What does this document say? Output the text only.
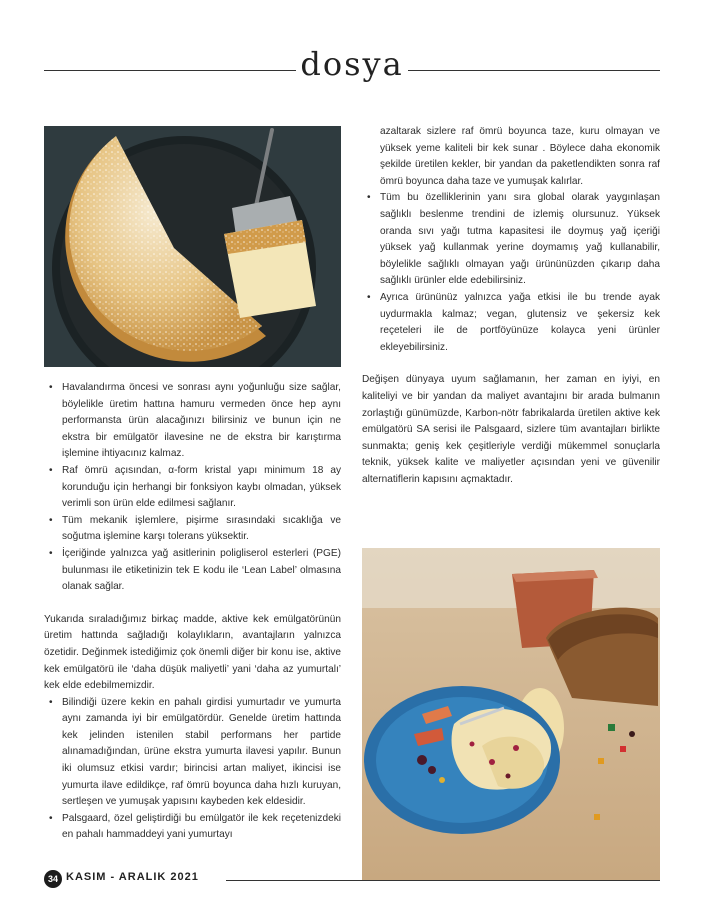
dosya
• Havalandırma öncesi ve sonrası aynı yoğunluğu size sağlar, böylelikle üretim hattına hamuru vermeden önce hep aynı performansta ürün alacağınızı bilirsiniz ve bunun için ne ekstra bir emülgatör ilavesine ne de ekstra bir karıştırma işlemine ihtiyacınız kalmaz.
• Raf ömrü açısından, α-form kristal yapı minimum 18 ay korunduğu için herhangi bir fonksiyon kaybı olmadan, yüksek verimli son ürün elde edilmesi sağlanır.
• Tüm mekanik işlemlere, pişirme sırasındaki sıcaklığa ve soğutma işlemine karşı tolerans yüksektir.
• İçeriğinde yalnızca yağ asitlerinin poligliserol esterleri (PGE) bulunması ile etiketinizin tek E kodu ile ‘Lean Label’ olmasına olanak sağlar.

Yukarıda sıraladığımız birkaç madde, aktive kek emülgatörünün üretim hattında sağladığı kolaylıkların, avantajların yalnızca özetidir. Değinmek istediğimiz çok önemli diğer bir konu ise, aktive kek emülgatörü ile ‘daha düşük maliyetli’ yani ‘daha az yumurtalı’ kek elde edebilmemizdir.

• Bilindiği üzere kekin en pahalı girdisi yumurtadır ve yumurta aynı zamanda iyi bir emülgatördür. Genelde üretim hattında kek jelinden istenilen stabil performans her partide alınamadığından, ürüne ekstra yumurta ilavesi yapılır. Bunun iki olumsuz etkisi vardır; birincisi artan maliyet, ikincisi ise yumurta ilave edildikçe, raf ömrü boyunca daha hızlı kuruyan, sertleşen ve yumuşak yapısını kaybeden kek eldesidir.
• Palsgaard, özel geliştirdiği bu emülgatör ile kek reçetenizdeki en pahalı hammaddeyi yani yumurtayı

azaltarak sizlere raf ömrü boyunca taze, kuru olmayan ve yüksek yeme kaliteli bir kek sunar . Böylece daha ekonomik şekilde üretilen kekler, bir yandan da paketlendikten sonra raf ömrü boyunca daha taze ve yumuşak kalırlar.

• Tüm bu özelliklerinin yanı sıra global olarak yaygınlaşan sağlıklı beslenme trendini de izlemiş olursunuz. Yüksek oranda sıvı yağı tutma kapasitesi ile doymuş yağ içeriği yüksek yağ kullanmak yerine doymamış yağ kullanabilir, böylelikle sağlıklı olmayan yağı ürününüzden çıkarıp daha sağlıklı ürünler elde edebilirsiniz.
• Ayrıca ürününüz yalnızca yağa etkisi ile bu trende ayak uydurmakla kalmaz; vegan, glutensiz ve şekersiz kek reçeteleri ile de portföyünüze kolayca yeni ürünler ekleyebilirsiniz.

Değişen dünyaya uyum sağlamanın, her zaman en iyiyi, en kaliteliyi ve bir yandan da maliyet avantajını bir arada bulmanın zorlaştığı günümüzde, Karbon-nötr fabrikalarda üretilen aktive kek emülgatörü SA serisi ile Palsgaard, sizlere tüm avantajları birlikte sunmakta; geniş kek çeşitleriyle verdiği mükemmel sonuçlarla teknik, yüksek kalite ve maliyetler açısından yeni ve güvenilir alternatiflerin kapısını açmaktadır.

34 KASIM - ARALIK 2021
